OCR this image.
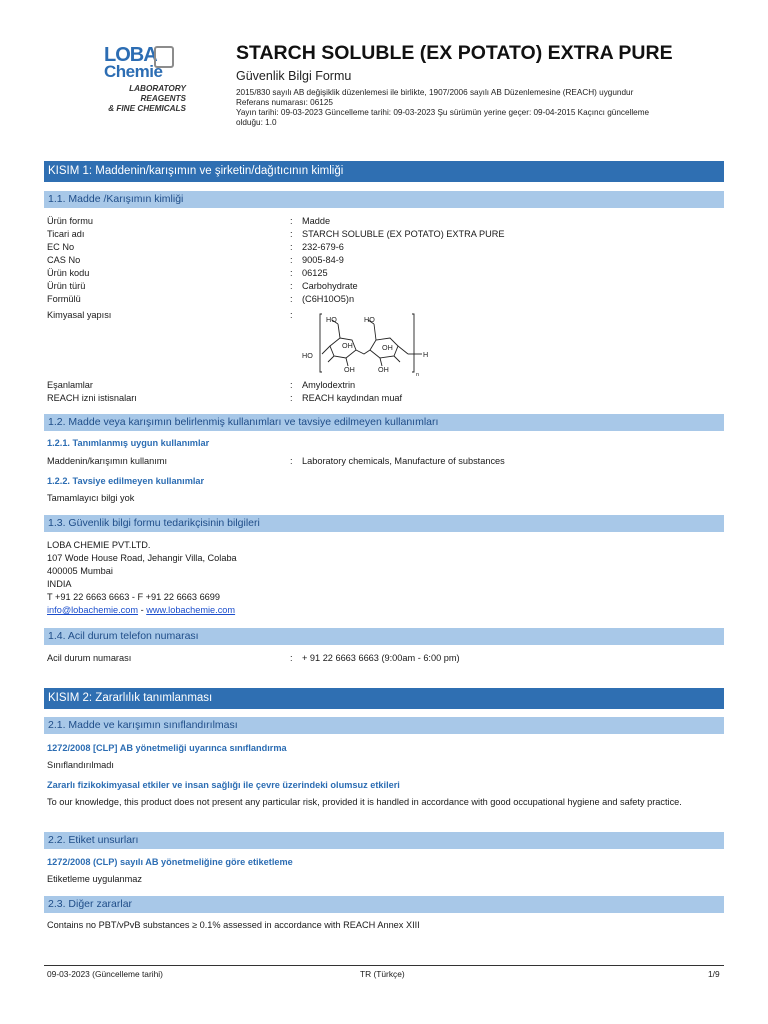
LOBA
Chemie
LABORATORY REAGENTS
& FINE CHEMICALS
STARCH SOLUBLE (EX POTATO) EXTRA PURE
Güvenlik Bilgi Formu
2015/830 sayılı AB değişiklik düzenlemesi ile birlikte, 1907/2006 sayılı AB Düzenlemesine (REACH) uygundur
Referans numarası: 06125
Yayın tarihi: 09-03-2023 Güncelleme tarihi: 09-03-2023 Şu sürümün yerine geçer: 09-04-2015 Kaçıncı güncelleme
olduğu: 1.0
KISIM 1: Maddenin/karışımın ve şirketin/dağıtıcının kimliği
1.1. Madde /Karışımın kimliği
Ürün formu	: Madde
Ticari adı	: STARCH SOLUBLE (EX POTATO) EXTRA PURE
EC No	: 232-679-6
CAS No	: 9005-84-9
Ürün kodu	: 06125
Ürün türü	: Carbohydrate
Formülü	: (C6H10O5)n
Kimyasal yapısı	:	HO	HO
OH	OH
OH	OH
HO	H
n
Eşanlamlar	: Amylodextrin
REACH izni istisnaları	: REACH kaydından muaf
1.2. Madde veya karışımın belirlenmiş kullanımları ve tavsiye edilmeyen kullanımları
1.2.1. Tanımlanmış uygun kullanımlar
Maddenin/karışımın kullanımı	: Laboratory chemicals, Manufacture of substances
1.2.2. Tavsiye edilmeyen kullanımlar
Tamamlayıcı bilgi yok
1.3. Güvenlik bilgi formu tedarikçisinin bilgileri
LOBA CHEMIE PVT.LTD.
107 Wode House Road, Jehangir Villa, Colaba
400005 Mumbai
INDIA
T +91 22 6663 6663 - F +91 22 6663 6699
info@lobachemie.com - www.lobachemie.com
1.4. Acil durum telefon numarası
Acil durum numarası	: + 91 22 6663 6663 (9:00am - 6:00 pm)
KISIM 2: Zararlılık tanımlanması
2.1. Madde ve karışımın sınıflandırılması
1272/2008 [CLP] AB yönetmeliği uyarınca sınıflandırma
Sınıflandırılmadı
Zararlı fizikokimyasal etkiler ve insan sağlığı ile çevre üzerindeki olumsuz etkileri
To our knowledge, this product does not present any particular risk, provided it is handled in accordance with good occupational hygiene and safety practice.
2.2. Etiket unsurları
1272/2008 (CLP) sayılı AB yönetmeliğine göre etiketleme
Etiketleme uygulanmaz
2.3. Diğer zararlar
Contains no PBT/vPvB substances ≥ 0.1% assessed in accordance with REACH Annex XIII
09-03-2023 (Güncelleme tarihi)	TR (Türkçe)	1/9
